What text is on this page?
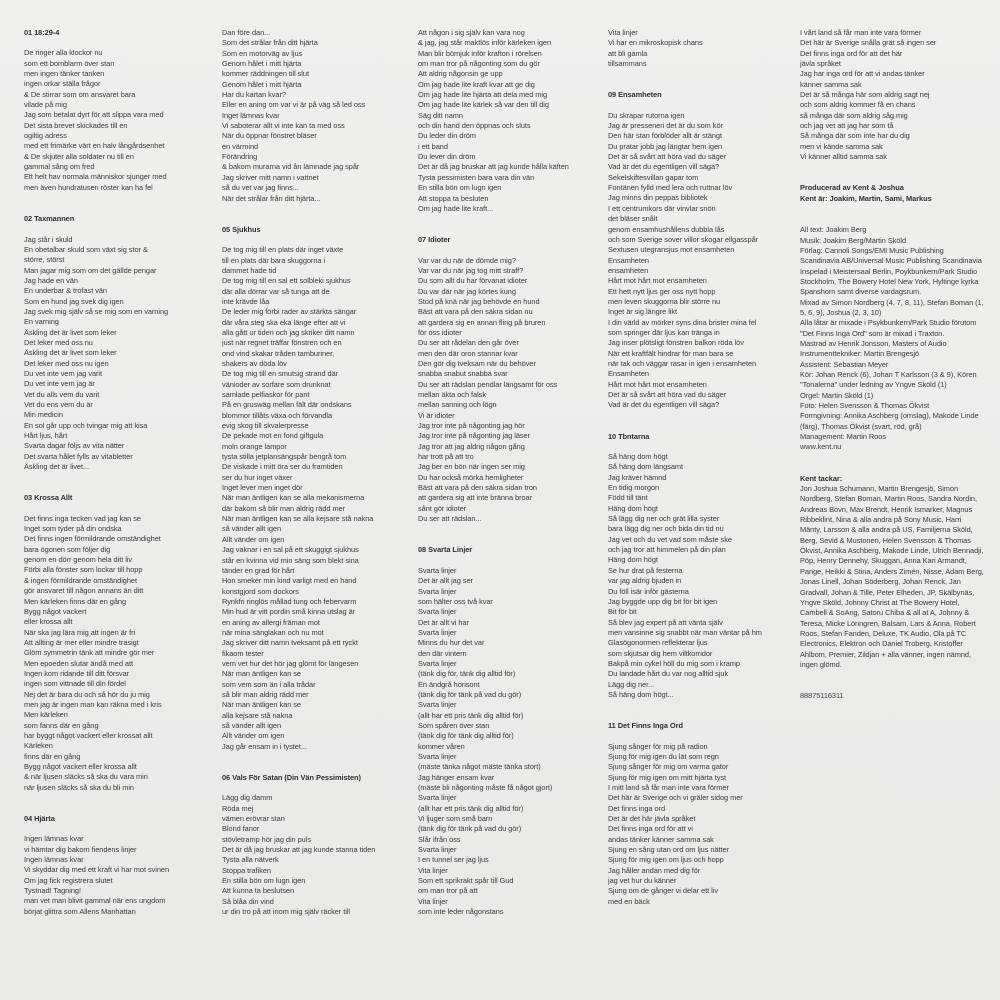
01 18:29-4
De ringer alla klockor nu
som ett bomblarm över stan
men ingen tänker tanken
ingen orkar ställa frågor
& De stirrar som om ansvaret bara
vilade på mig
Jag som betalat dyrt för att slippa vara med
Det sista brevet skickades till en
ogiltig adress
med ett frimärke värt en halv långårdsenhet
& De skjuter alla soldater nu till en
gammal sång om fred
Ett helt hav normala människor sjunger med
men även hundratusen röster kan ha fel
02 Taxmannen
Jag står i skuld
En obetalbar skuld som växt sig stor &
större, störst
Man jagar mig som om det gällde pengar
Jag hade en vän
En underbar & trofast vän
Som en hund jag svek dig igen
Jag svek mig själv så se mig som en varning
En varning
Äskling det är livet som leker
Det leker med oss nu
Äskling det är livet som leker
Det leker med oss nu igen
Du vet inte vem jag varit
Du vet inte vem jag är
Vet du alls vem du varit
Vet du ens vem du är
Min medicin
En sol går upp och tvingar mig att kisa
Hårt ljus, hårt
Svarta dagar följs av vita nätter
Det svarta hålet fylls av vitabletter
Äskling det är livet...
03 Krossa Allt
Det finns inga tecken vad jag kan se
Inget som tyder på din ondska
Det finns ingen förmildrande omständighet
bara ögonen som följer dig
genom en dörr genom hela ditt liv
Förbi alla fönster som lockar till hopp
& ingen förmildrande omständighet
gör ansvaret till någon annans än ditt
Men kärleken finns där en gång
Bygg något vackert
eller krossa allt
När ska jag lära mig att ingen är fri
Att allting är mer eller mindre trasigt
Glöm symmetrin tänk att mindre gör mer
Men epoeden slutar ändå med att
Ingen kom ridande till ditt försvar
ingen som vittnade till din fördel
Nej det är bara du och så hör du ju mig
men jag är ingen man kan räkna med i kris
Men kärleken
som fanns där en gång
har byggt något vackert eller krossat allt
Kärleken
finns där en gång
Bygg något vackert eller krossa allt
& när ljusen släcks så ska du vara min
när ljusen släcks så ska du bli min
04 Hjärta
Ingen lämnas kvar
vi hämtar dig bakom fiendens linjer
Ingen lämnas kvar
Vi skyddar dig med ett kraft vi har mot svinen
Om jag fick registrera slutet
Tystnad! Tagning!
man vet man blivit gammal när ens ungdom
börjat glittra som Allens Manhattan
Dan före dan...
Som det strålar från ditt hjärta
Som en motorväg av ljus
Genom hålet i mitt hjärta
kommer räddningen till slut
Genom hålet i mitt hjärta
Har du kartan kvar?
Eller en aning om var vi är på väg så led oss
Inget lämnas kvar
Vi saboterar allt vi inte kan ta med oss
När du öppnar fönstret bläser
en värmind
Förändring
& bakom murarna vid ån lämnade jag spår
Jag skriver mitt namn i vattnet
så du vet var jag finns...
När det strålar från ditt hjärta...
05 Sjukhus
De tog mig till en plats där inget växte
till en plats där bara skuggorna i
dammet hade tid
De tog mig till en sal ett solbleki sjukhus
där alla dörrar var så tunga att de
inte krävde låa
De leder mig förbi rader av stärkta sängar
där våra steg ska eka länge efter att vi
alla gått ur tiden och jag skriker ditt namn
just när regnet träffar fönstren och en
ond vind skakar tråden tamburiner,
shakers av döda löv
De tog mig till en smutsig strand där
vänioder av sorfare som drunknat
samlade pelfiaskor för pant
På en gruswäg mellan fält där ondskans
blommor tillåts växa och förvandla
evig skog till skvalerpresse
De pekade mot en fond giftgula
moln orange lampor
tysta stilla jetplansängspår bengrå tom
De viskade i mitt öra ser du framtiden
ser du hur inget växer
Inget lever men inget dör
När man äntligen kan se alla mekanismerna
där bakom så blir man aldrig rädd mer
När man äntligen kan se alla kejsare stå nakna
så vänder allt igen
Allt vänder om igen
Jag vaknar i en sal på ett skuggigt sjukhus
står en kvinna vid min säng som blekt sina
tänder en grad för hårt
Hon smeker min kind varligt med en hand
konstgjord som dockors
Rynkfri ringlös mållad tung och febervarm
Min hud är vitt pordin små kinna utslag är
en aning av allergi främan mot
när mina sänglakan och nu mot
Jag skriver ditt namn tveksamt på ett ryckt
fikaom tester
vem vet hur det hör jag glömt för längesen
När man äntligen kan se
som vem som än i alla trådar
så blir man aldrig rädd mer
När man äntligen kan se
alla kejsare stå nakna
så vänder allt igen
Allt vänder om igen
Jag går ensam in i tystet...
06 Vals För Satan (Din Vän Pessimisten)
Lägg dig damm
Röda mej
vämen erövrar stan
Blond fanor
stövletramp hör jag din puls
Det är då jag bruskar att jag kunde stanna tiden
Tysta alla nätverk
Stoppa trafiken
En stilla bön om lugn igen
Att kunna ta beslutsen
Så blåa din vind
ur din tro på att inom mig själv räcker till
Att någon i sig själv kan vara nog
& jag, jag står maktlös inför kärleken igen
Man blir bömjuk inför krafton i rörelsen
om man tror på någonting som du gör
Att aldrig någonsin ge upp
Om jag hade lite kraft kvar att ge dig
Om jag hade lite hjärta att dela med mig
Om jag hade lite kärlek så var den till dig
Säg ditt namn
och din hand den öppnas och sluts
Du leder din dröm
i ett band
Du lever din dröm
Det är då jag bruskar att jag kunde hålla käften
Tysta pessimisten bara vara din vän
En stilla bön om lugn igen
Att stoppa ta besluten
Om jag hade lite kraft...
07 Idioter
Var var du när de dömde mig?
Var var du när jag tog mitt straff?
Du som allt du har förvanat idioter
Du var där när jag körtes kung
Stod på knä när jag behövde en hund
Bäst att vara på den säkra sidan nu
att gardera sig en annan fling på bruren
för oss idioter
Du ser att rådelan den går över
men den där oron stannar kvar
Den gör dig tveksam när du behöver
snabba snabut snabba svar
Du ser att rädslan pendlar längsamt för oss
mellan äkta och falsk
mellan sanning och lögn
Vi är idioter
Jag tror inte på någonting jag hör
Jag tror inte på någonting jag läser
Jag tror att jag aldrig någon gång
har trott på att tro
Jag ber en bön när ingen ser mig
Du har också mörka hemligheter
Bäst att vara på den säkra sidan tron
att gardera sig att inte bränna broar
sånt gör idioter
Du ser att rädslan...
08 Svarta Linjer
Svarta linjer
Det är allt jag ser
Svarta linjer
som hälter oss två kvar
Svarta linjer
Det är allt vi har
Svarta linjer
Minns du hur det var
den där vintern
Svarta linjer
(tänk dig för, tänk dig alltid för)
En ändgrå horisont
(tänk dig för tänk på vad du gör)
Svarta linjer
(allt har ett pris tänk dig alltid för)
Som spåren över stan
(tänk dig för tänk dig alltid för)
kommer våren
Svarta linjer
(mäste tänka något mäste tänka stort)
Jag hänger ensam kvar
(mäste bli någonting måste få något gjort)
Svarta linjer
(allt har ett pris tänk dig alltid för)
Vi ljuger som små barn
(tänk dig för tänk på vad du gör)
Slår ifrån oss
Svarta linjer
I en tunnel ser jag ljus
Vita linjer
Som ett sprikrakt spår till Gud
om man tror på att
Vita linjer
som inte leder någonstans
Vita linjer
Vi har en mikroskopisk chans
att bli gamla
tillsammans
09 Ensamheten
Du skrapar rutorna igen
Jag är presseneri det är du som kör
Den här stan förblöder allt är stängt
Du pratar jobb jag längtar hem igen
Det är så svårt att höra vad du säger
Vad är det du egentligen vill säga?
Sekelskiftesvillan gapar tom
Fontänen fylld med lera och ruttnar löv
Jag minns din peppas bibliotek
I ett centrumkors där vinvlar snön
det bläser snålt
genom ensamhushållens dubbla lås
och som Sverige sover villor skogar ellgasspår
Sextusen utegransjus mot ensamheten
Ensamheten
ensamheten
Hårt mot hårt mot ensamheten
Ett hett nytt ljus ger oss nytt hopp
men leven skuggorna blir större nu
Inget är sig längre likt
I din värld av mörker syns dina brister mina fel
som springer där ljus kan tränga in
Jag inser plötsligt fönstren balkon röda löv
När ett kraftfält hindrar för man bara se
när tak och väggar rasar in igen i ensamheten
Ensamheten
Hårt mot hårt mot ensamheten
Det är så svårt att höra vad du säger
Vad är det du egentligen vill säga?
10 Tbntarna
Så häng dom högt
Så häng dom längsamt
Jag kräver hämnd
En tidig morgon
Född till tänt
Häng dom högt
Så lägg dig ner och grät lilla syster
bara lägg dig ner och bida din tid nu
Jag vet och du vet vad som måste ske
och jag tror att himmelen på din plan
Häng dom högt
Se hur drat på festerna
var jag aldrig bjuden in
Du föll isär inför gästerna
Jag byggde upp dig bit för bit igen
Bit för bit
Så blev jag expert på att vänta själv
men vansinne sig snabbt när man väntar på hm
Glasögonormen reflekterar ljus
som skjutsar dig hem viltkorridor
Bakpå min cykel höll du mig som i kramp
Du landade hårt du var nog alltid sjuk
Lägg dig ner...
Så häng dom högt...
11 Det Finns Inga Ord
Sjung sånger för mig på radion
Sjung för mig igen du lät som regn
Sjung sånger för mig om varma gator
Sjung för mig igen om mitt hjärta tyst
I mitt land så får man inte vara förmer
Det här är Sverige och vi gräler sidog mer
Det finns inga ord
Det är det här jävla språket
Det finns inga ord för att vi
andas tänker känner samma sak
Sjung en sång utan ord om ljus nätter
Sjung för mig igen om ljus och hopp
Jag håller andan med dig för
jag vet hur du känner
Sjung om de gånger vi delar ett liv
med en bäck
I vårt land så får man inte vara förmer
Det här är Sverige snålla grät så ingen ser
Det finns inga ord för att det här
jävla språket
Jag har inga ord för att vi andas tänker
känner samma sak
Det är så många här som aldrig sagt nej
och som aldrig kommer få en chans
så många där som aldrig såg mig
och jag vet att jag har som tå
Så många där som inte har du dig
men vi kände samma sak
Vi känner alltid samma sak
Producerad av Kent & Joshua
Kent är: Joakim, Martin, Sami, Markus
All text: Joakim Berg
Musik: Joakim Berg/Martin Sköld
Förlag: Cannoli Songs/EMI Music Publishing Scandinavia AB/Universal Music Publishing Scandinavia
Inspelad i Meistersaal Berlin, Poykbunkern/Park Studio Stockholm, The Bowery Hotel New York, Hyltinge kyrka Spanshorn samt diverse vardagsrum.
Mixad av Simon Nordberg (4, 7, 8, 11), Stefan Boman (1, 5, 6, 9), Joshua (2, 3, 10)
Alla låtar är mixade i Psykbunkern/Park Studio förutom "Det Finns Inga Ord" som är mixad i Traxton.
Mastrad av Henrik Jonsson, Masters of Audio
Instrumenttekniker: Martin Brengesjö
Assistent: Sebastian Meyer
Kör: Johan Renck (6), Johan T Karlsson (3 & 9), Kören "Tonalerna" under ledning av Yngve Sköld (1)
Orgel: Martin Sköld (1)
Foto: Helen Svensson & Thomas Ökvist
Formgivning: Annika Aschberg (omslag), Makode Linde (färg), Thomas Ökvist (svart, röd, grå)
Management: Martin Roos
www.kent.nu
Kent tackar:
Jon Joshua Schumann, Martin Brengesjö, Simon Nordberg, Stefan Boman, Martin Roos, Sandra Nordin, Andreas Bovn, Max Brendt, Henrik Ismarker, Magnus Ribbeklint, Nina & alla andra på Sony Music, Harri Mänty, Larsson & alla andra på US, Familjerna Sköld, Berg, Sevid & Mustonen, Helen Svensson & Thomas Ökvist, Annika Aschberg, Makode Linde, Ulrich Bennadji, Pöp, Henry Dennehy, Skuggan, Anna Kari Armandt, Pange, Heikki & Stina, Anders Zimén, Nisse, Adam Berg, Jonas Linell, Johan Söderberg, Johan Renck, Jan Gradvall, Johan & Tille, Peter Elheden, JP, Skälbynäs, Yngve Sköld, Johnny Christ at The Bowery Hotel, Cambell & SoAng, Satoru Chiba & all at A, Johnny & Teresa, Micke Lönngren, Balsam, Lars & Anna, Robert Roos, Stefan Fanden, Deluxe, TK Audio, Ola på TC Electronics, Elektron och Daniel Troberg, Kristoffer Ahlbom, Premier, Zildjan + alla vänner, ingen nämnd, ingen glömd.
88875116311
